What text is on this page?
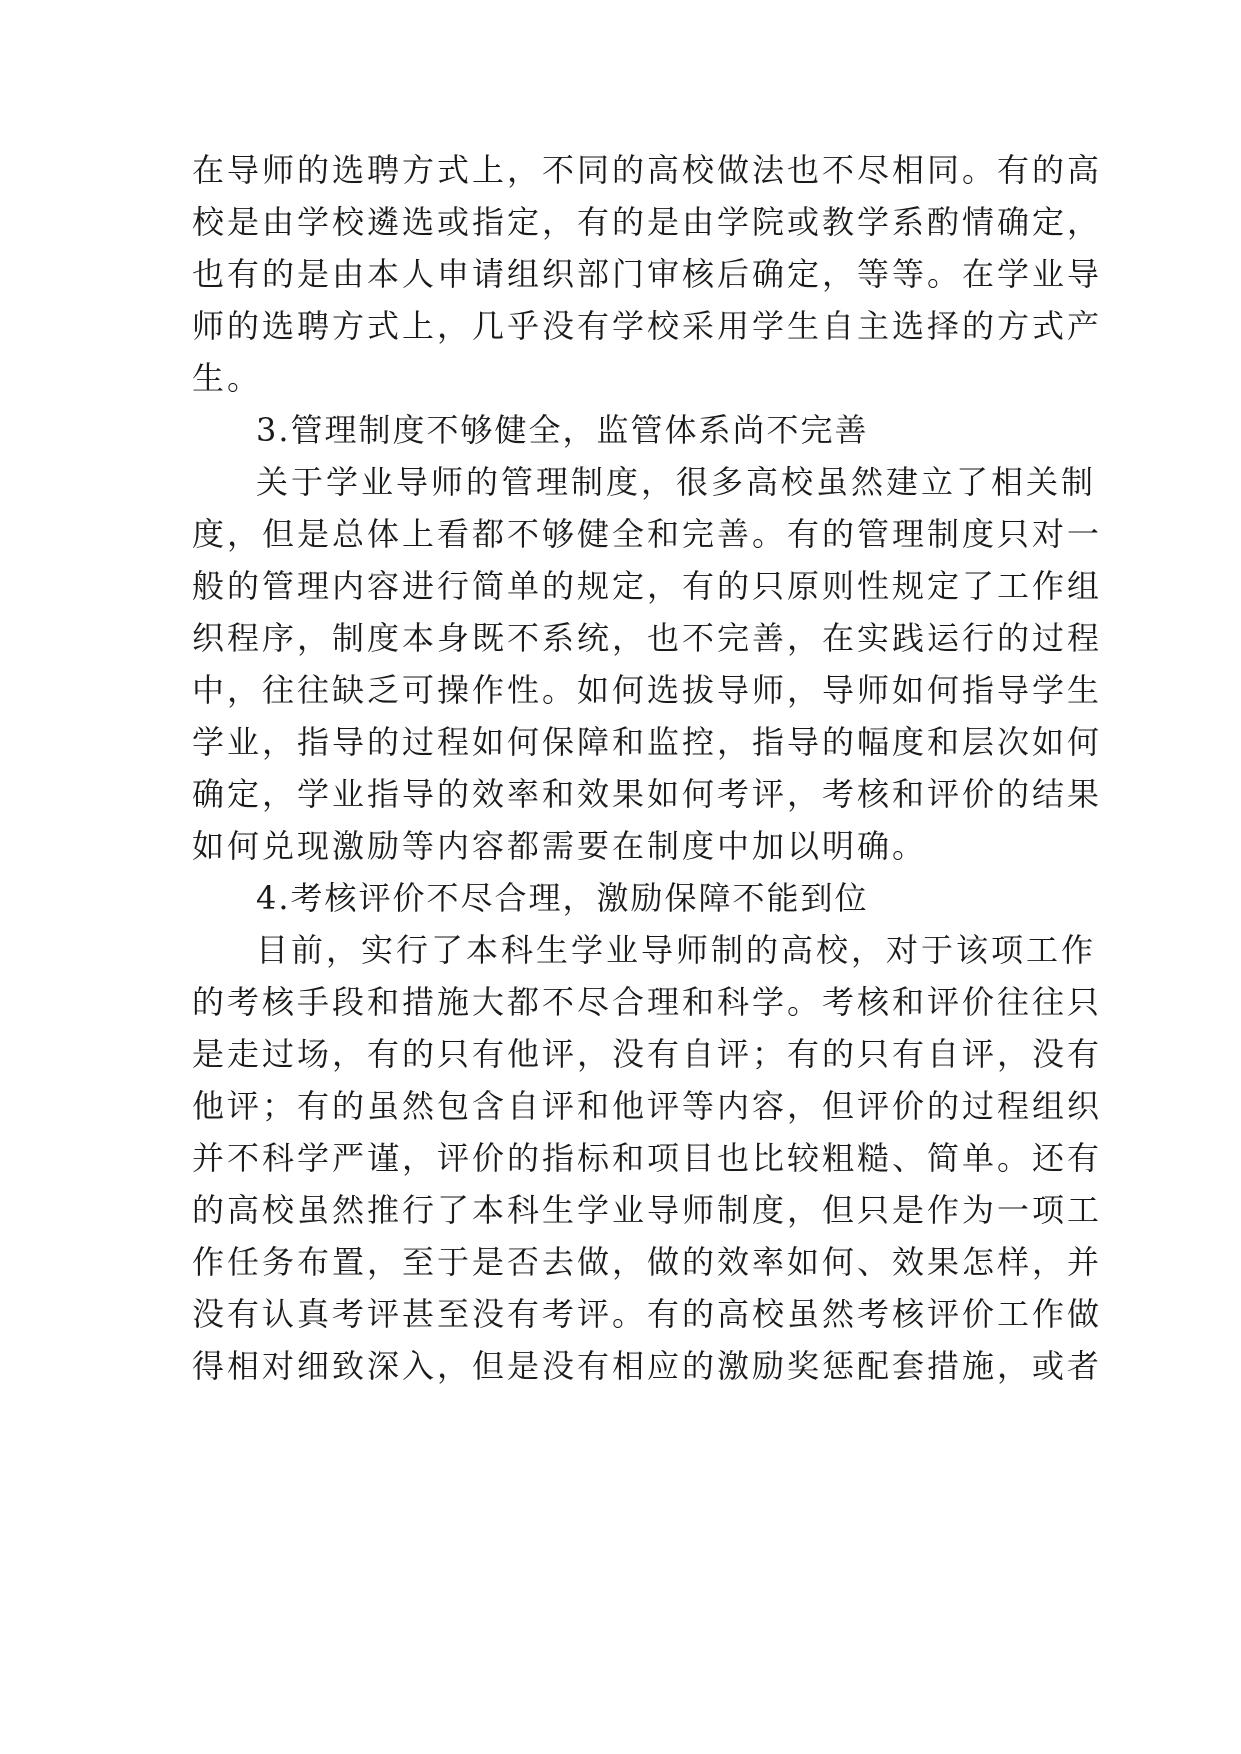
在导师的选聘方式上，不同的高校做法也不尽相同。有的高
校是由学校遴选或指定，有的是由学院或教学系酌情确定，
也有的是由本人申请组织部门审核后确定，等等。在学业导
师的选聘方式上，几乎没有学校采用学生自主选择的方式产
生。
3.管理制度不够健全，监管体系尚不完善
关于学业导师的管理制度，很多高校虽然建立了相关制
度，但是总体上看都不够健全和完善。有的管理制度只对一
般的管理内容进行简单的规定，有的只原则性规定了工作组
织程序，制度本身既不系统，也不完善，在实践运行的过程
中，往往缺乏可操作性。如何选拔导师，导师如何指导学生
学业，指导的过程如何保障和监控，指导的幅度和层次如何
确定，学业指导的效率和效果如何考评，考核和评价的结果
如何兑现激励等内容都需要在制度中加以明确。
4.考核评价不尽合理，激励保障不能到位
目前，实行了本科生学业导师制的高校，对于该项工作
的考核手段和措施大都不尽合理和科学。考核和评价往往只
是走过场，有的只有他评，没有自评；有的只有自评，没有
他评；有的虽然包含自评和他评等内容，但评价的过程组织
并不科学严谨，评价的指标和项目也比较粗糙、简单。还有
的高校虽然推行了本科生学业导师制度，但只是作为一项工
作任务布置，至于是否去做，做的效率如何、效果怎样，并
没有认真考评甚至没有考评。有的高校虽然考核评价工作做
得相对细致深入，但是没有相应的激励奖惩配套措施，或者
